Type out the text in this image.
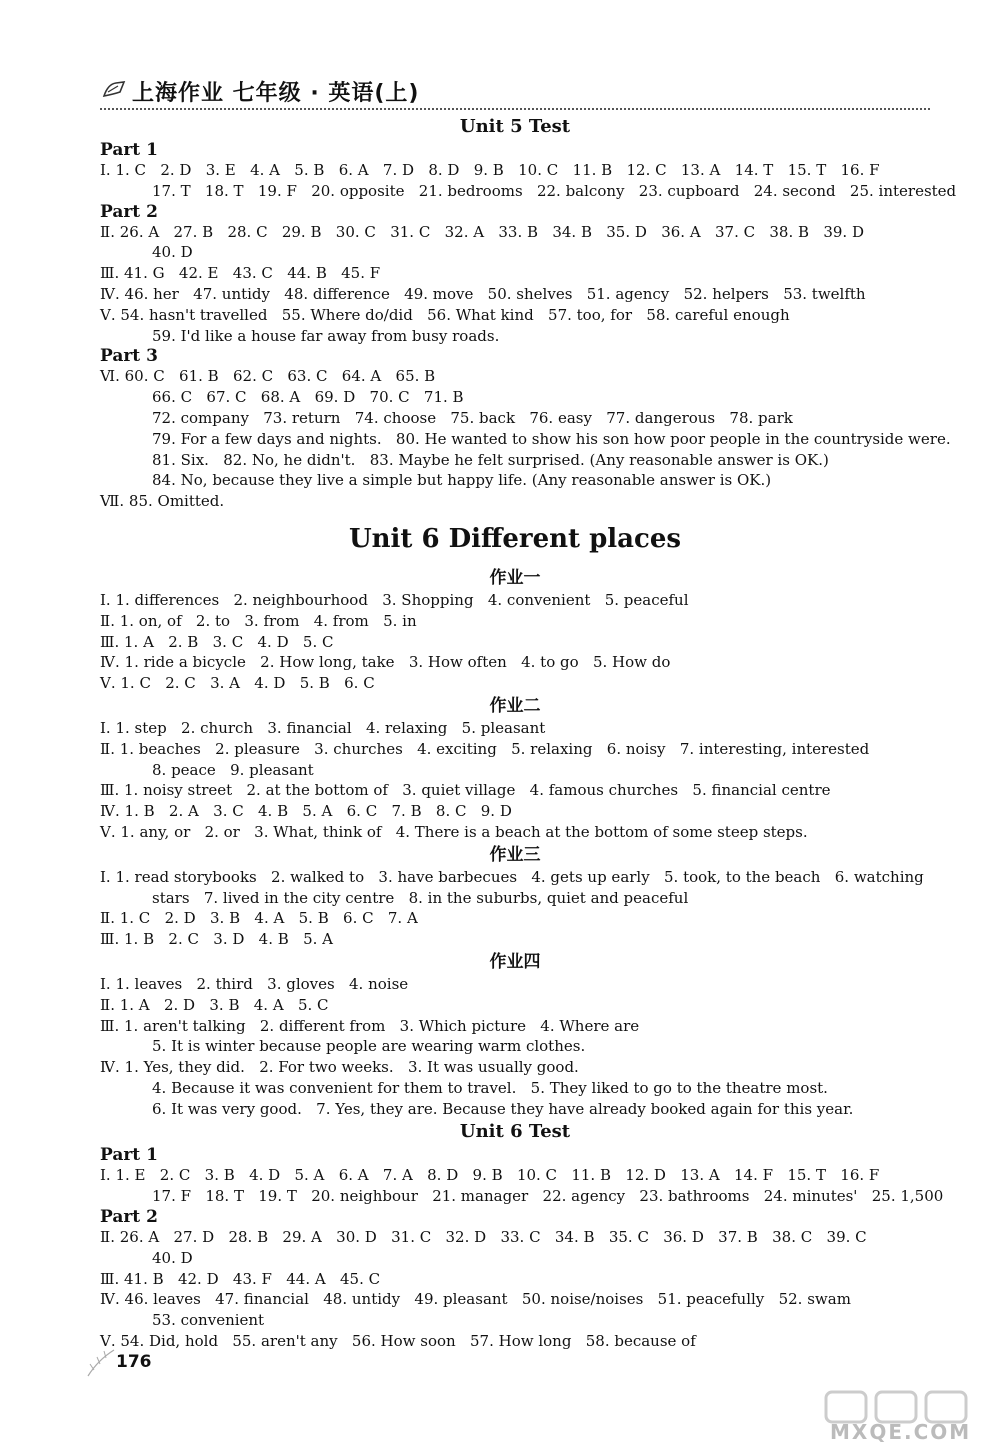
上海作业 七年级 · 英语(上)
Unit 5 Test
Part 1
Ⅰ. 1. C   2. D   3. E   4. A   5. B   6. A   7. D   8. D   9. B   10. C   11. B   12. C   13. A   14. T   15. T   16. F
17. T   18. T   19. F   20. opposite   21. bedrooms   22. balcony   23. cupboard   24. second   25. interested
Part 2
Ⅱ. 26. A   27. B   28. C   29. B   30. C   31. C   32. A   33. B   34. B   35. D   36. A   37. C   38. B   39. D
40. D
Ⅲ. 41. G   42. E   43. C   44. B   45. F
Ⅳ. 46. her   47. untidy   48. difference   49. move   50. shelves   51. agency   52. helpers   53. twelfth
Ⅴ. 54. hasn't travelled   55. Where do/did   56. What kind   57. too, for   58. careful enough
59. I'd like a house far away from busy roads.
Part 3
Ⅵ. 60. C   61. B   62. C   63. C   64. A   65. B
66. C   67. C   68. A   69. D   70. C   71. B
72. company   73. return   74. choose   75. back   76. easy   77. dangerous   78. park
79. For a few days and nights.   80. He wanted to show his son how poor people in the countryside were.
81. Six.   82. No, he didn't.   83. Maybe he felt surprised. (Any reasonable answer is OK.)
84. No, because they live a simple but happy life. (Any reasonable answer is OK.)
Ⅶ. 85. Omitted.
Unit 6 Different places
作业一
Ⅰ. 1. differences   2. neighbourhood   3. Shopping   4. convenient   5. peaceful
Ⅱ. 1. on, of   2. to   3. from   4. from   5. in
Ⅲ. 1. A   2. B   3. C   4. D   5. C
Ⅳ. 1. ride a bicycle   2. How long, take   3. How often   4. to go   5. How do
Ⅴ. 1. C   2. C   3. A   4. D   5. B   6. C
作业二
Ⅰ. 1. step   2. church   3. financial   4. relaxing   5. pleasant
Ⅱ. 1. beaches   2. pleasure   3. churches   4. exciting   5. relaxing   6. noisy   7. interesting, interested
8. peace   9. pleasant
Ⅲ. 1. noisy street   2. at the bottom of   3. quiet village   4. famous churches   5. financial centre
Ⅳ. 1. B   2. A   3. C   4. B   5. A   6. C   7. B   8. C   9. D
Ⅴ. 1. any, or   2. or   3. What, think of   4. There is a beach at the bottom of some steep steps.
作业三
Ⅰ. 1. read storybooks   2. walked to   3. have barbecues   4. gets up early   5. took, to the beach   6. watching
stars   7. lived in the city centre   8. in the suburbs, quiet and peaceful
Ⅱ. 1. C   2. D   3. B   4. A   5. B   6. C   7. A
Ⅲ. 1. B   2. C   3. D   4. B   5. A
作业四
Ⅰ. 1. leaves   2. third   3. gloves   4. noise
Ⅱ. 1. A   2. D   3. B   4. A   5. C
Ⅲ. 1. aren't talking   2. different from   3. Which picture   4. Where are
5. It is winter because people are wearing warm clothes.
Ⅳ. 1. Yes, they did.   2. For two weeks.   3. It was usually good.
4. Because it was convenient for them to travel.   5. They liked to go to the theatre most.
6. It was very good.   7. Yes, they are. Because they have already booked again for this year.
Unit 6 Test
Part 1
Ⅰ. 1. E   2. C   3. B   4. D   5. A   6. A   7. A   8. D   9. B   10. C   11. B   12. D   13. A   14. F   15. T   16. F
17. F   18. T   19. T   20. neighbour   21. manager   22. agency   23. bathrooms   24. minutes'   25. 1,500
Part 2
Ⅱ. 26. A   27. D   28. B   29. A   30. D   31. C   32. D   33. C   34. B   35. C   36. D   37. B   38. C   39. C
40. D
Ⅲ. 41. B   42. D   43. F   44. A   45. C
Ⅳ. 46. leaves   47. financial   48. untidy   49. pleasant   50. noise/noises   51. peacefully   52. swam
53. convenient
Ⅴ. 54. Did, hold   55. aren't any   56. How soon   57. How long   58. because of
176
MXQE.COM
